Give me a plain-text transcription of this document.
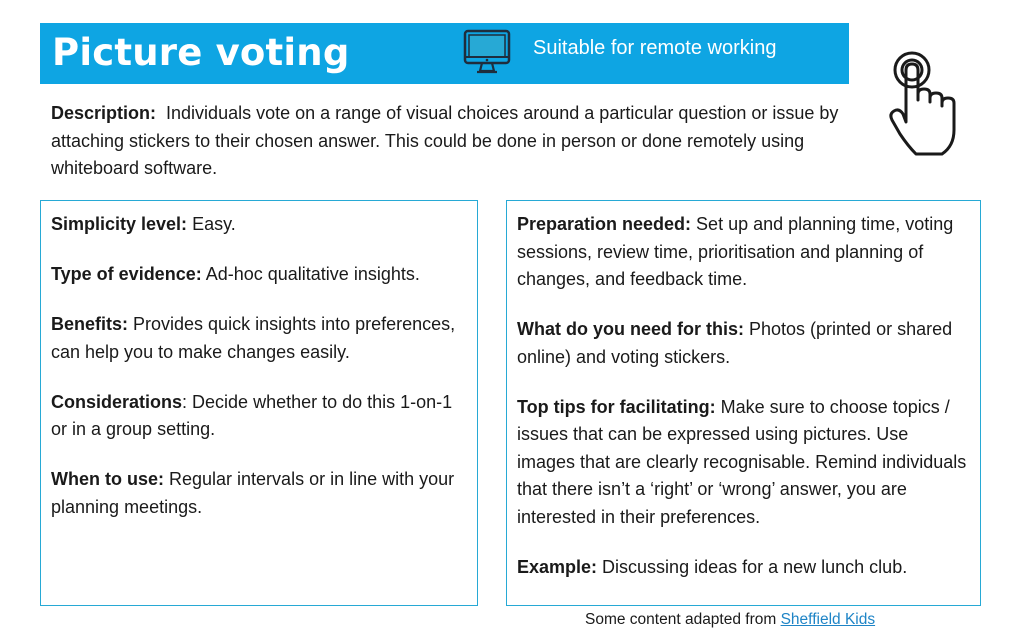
Picture voting	Suitable for remote working
Description: Individuals vote on a range of visual choices around a particular question or issue by attaching stickers to their chosen answer. This could be done in person or done remotely using whiteboard software.

Simplicity level: Easy.

Type of evidence: Ad-hoc qualitative insights.

Benefits: Provides quick insights into preferences, can help you to make changes easily.

Considerations: Decide whether to do this 1-on-1 or in a group setting.

When to use: Regular intervals or in line with your planning meetings.

Preparation needed: Set up and planning time, voting sessions, review time, prioritisation and planning of changes, and feedback time.

What do you need for this: Photos (printed or shared online) and voting stickers.

Top tips for facilitating: Make sure to choose topics / issues that can be expressed using pictures. Use images that are clearly recognisable. Remind individuals that there isn’t a ‘right’ or ‘wrong’ answer, you are interested in their preferences.

Example: Discussing ideas for a new lunch club.

Some content adapted from Sheffield Kids
